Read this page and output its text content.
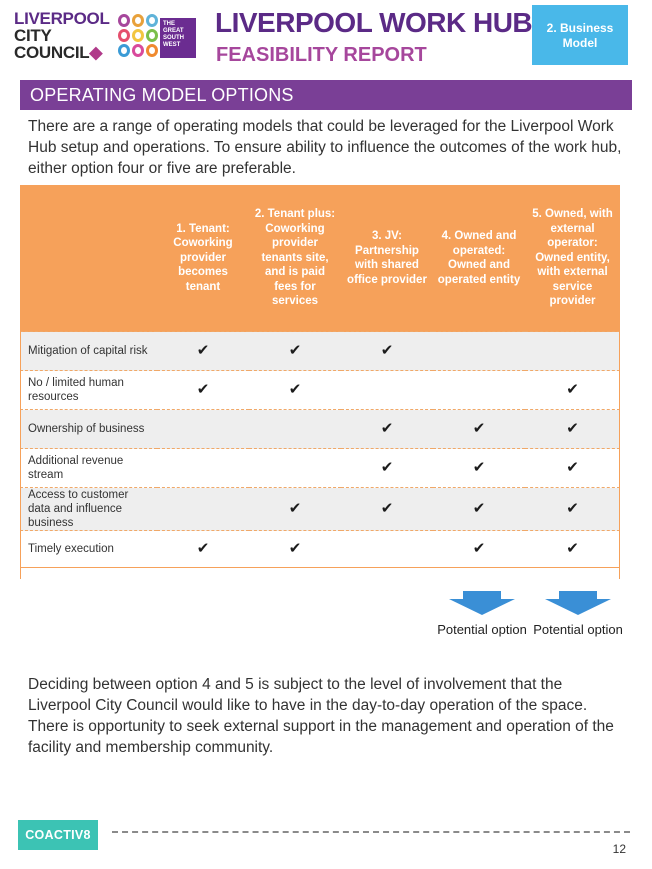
LIVERPOOL
CITY
COUNCIL◆
THE GREAT SOUTH WEST
LIVERPOOL WORK HUB
FEASIBILITY REPORT
2. Business Model
OPERATING MODEL OPTIONS
There are a range of operating models that could be leveraged for the Liverpool Work Hub setup and operations. To ensure ability to influence the outcomes of the work hub, either option four or five are preferable.
	1. Tenant: Coworking provider becomes tenant	2. Tenant plus: Coworking provider tenants site, and is paid fees for services	3. JV: Partnership with shared office provider	4. Owned and operated: Owned and operated entity	5. Owned, with external operator: Owned entity, with external service provider
Mitigation of capital risk	✔	✔	✔		
No / limited human resources	✔	✔			✔
Ownership of business			✔	✔	✔
Additional revenue stream			✔	✔	✔
Access to customer data and influence business		✔	✔	✔	✔
Timely execution	✔	✔		✔	✔
Potential option Potential option
Deciding between option 4 and 5 is subject to the level of involvement that the Liverpool City Council would like to have in the day-to-day operation of the space. There is opportunity to seek external support in the management and operation of the facility and membership community.
COACTIV8
12
